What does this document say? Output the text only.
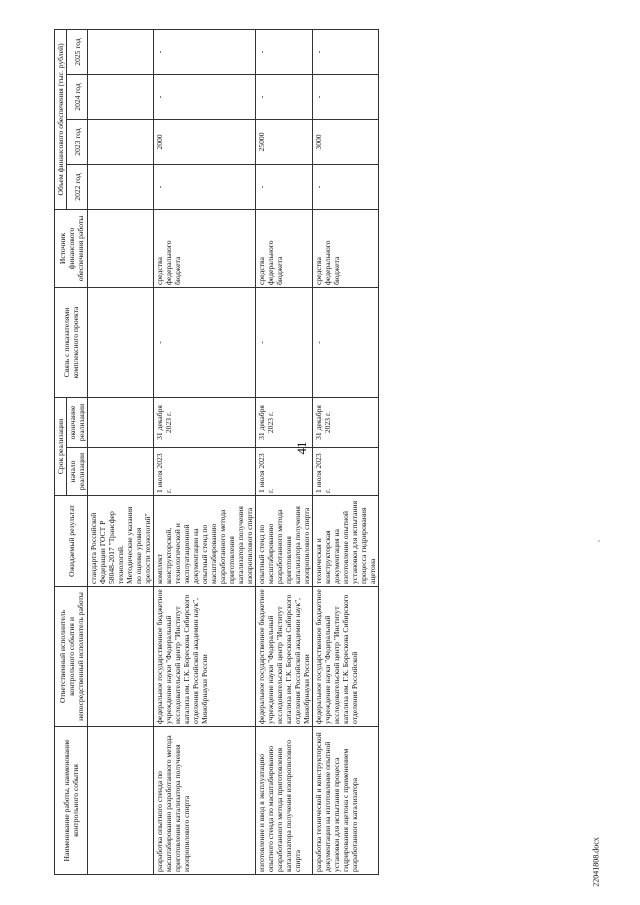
41
22041808.docx
Наименование работы, наименование контрольного события	Ответственный исполнитель контрольного события и непосредственный исполнитель работы	Ожидаемый результат	Срок реализации		Связь с показателями комплексного проекта	Источник финансового обеспечения работы	Объем финансового обеспечения (тыс. рублей)			
			начало реализации	окончание реализации			2022 год	2023 год	2024 год	2025 год
		стандарта Российской Федерации ГОСТ Р 58048-2017 "Трансфер технологий. Методические указания по оценке уровня зрелости технологий"								
разработка опытного стенда по масштабированию разработанного метода приготовления катализатора получения изопропилового спирта	федеральное государственное бюджетное учреждение науки "Федеральный исследовательский центр "Институт катализа им. Г.К. Борескова Сибирского отделения Российской академии наук", Минобрнауки России	комплект конструкторской, технологической и эксплуатационной документации на опытный стенд по масштабированию разработанного метода приготовления катализатора получения изопропилового спирта	1 июля 2023 г.	31 декабря 2023 г.	-	средства федерального бюджета	-	2000	-	-
изготовление и ввод в эксплуатацию опытного стенда по масштабированию разработанного метода приготовления катализатора получения изопропилового спирта	федеральное государственное бюджетное учреждение науки "Федеральный исследовательский центр "Институт катализа им. Г.К. Борескова Сибирского отделения Российской академии наук", Минобрнауки России	опытный стенд по масштабированию разработанного метода приготовления катализатора получения изопропилового спирта	1 июля 2023 г.	31 декабря 2023 г.	-	средства федерального бюджета	-	25000	-	-
разработка технической и конструкторской документации на изготовление опытной установки для испытания процесса гидрирования ацетона с применением разработанного катализатора	федеральное государственное бюджетное учреждение науки "Федеральный исследовательский центр "Институт катализа им. Г.К. Борескова Сибирского отделения Российской	техническая и конструкторская документация на изготовление опытной установки для испытания процесса гидрирования ацетона	1 июля 2023 г.	31 декабря 2023 г.	-	средства федерального бюджета	-	3000	-	-
